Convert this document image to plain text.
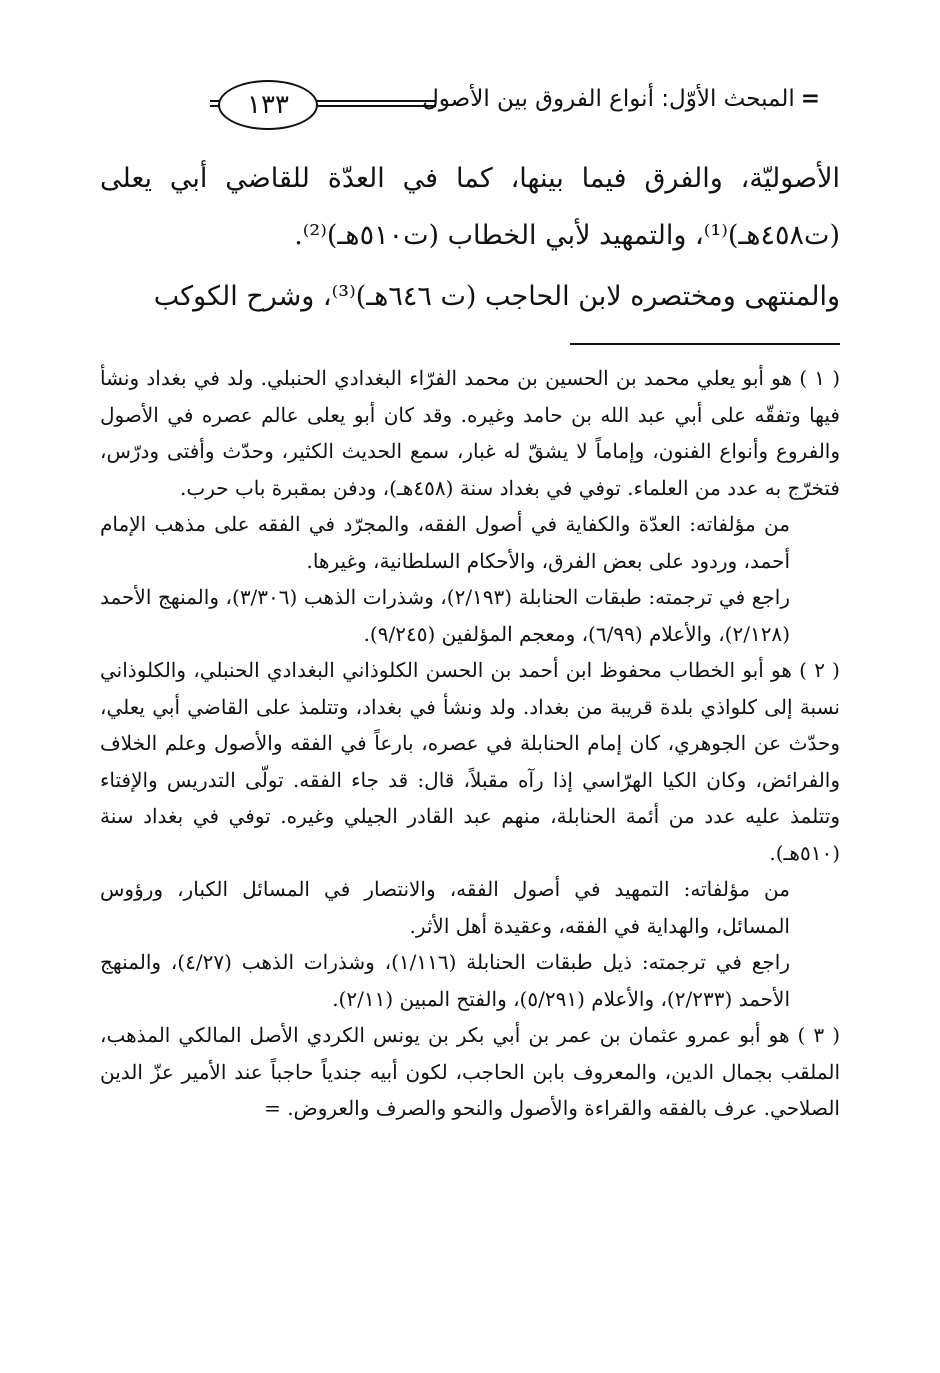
١٣٣	=المبحث الأوّل: أنواع الفروق بين الأصول

الأصوليّة، والفرق فيما بينها، كما في العدّة للقاضي أبي يعلى (ت٤٥٨هـ)⁽¹⁾، والتمهيد لأبي الخطاب (ت٥١٠هـ)⁽²⁾.

والمنتهى ومختصره لابن الحاجب (ت ٦٤٦هـ)⁽³⁾، وشرح الكوكب

( ١ ) هو أبو يعلي محمد بن الحسين بن محمد الفرّاء البغدادي الحنبلي. ولد في بغداد ونشأ فيها وتفقّه على أبي عبد الله بن حامد وغيره. وقد كان أبو يعلى عالم عصره في الأصول والفروع وأنواع الفنون، وإماماً لا يشقّ له غبار، سمع الحديث الكثير، وحدّث وأفتى ودرّس، فتخرّج به عدد من العلماء. توفي في بغداد سنة (٤٥٨هـ)، ودفن بمقبرة باب حرب.
من مؤلفاته: العدّة والكفاية في أصول الفقه، والمجرّد في الفقه على مذهب الإمام أحمد، وردود على بعض الفرق، والأحكام السلطانية، وغيرها.
راجع في ترجمته: طبقات الحنابلة (٢/١٩٣)، وشذرات الذهب (٣/٣٠٦)، والمنهج الأحمد (٢/١٢٨)، والأعلام (٦/٩٩)، ومعجم المؤلفين (٩/٢٤٥).
( ٢ ) هو أبو الخطاب محفوظ ابن أحمد بن الحسن الكلوذاني البغدادي الحنبلي، والكلوذاني نسبة إلى كلواذي بلدة قريبة من بغداد. ولد ونشأ في بغداد، وتتلمذ على القاضي أبي يعلي، وحدّث عن الجوهري، كان إمام الحنابلة في عصره، بارعاً في الفقه والأصول وعلم الخلاف والفرائض، وكان الكيا الهرّاسي إذا رآه مقبلاً، قال: قد جاء الفقه. تولّى التدريس والإفتاء وتتلمذ عليه عدد من أئمة الحنابلة، منهم عبد القادر الجيلي وغيره. توفي في بغداد سنة (٥١٠هـ).
من مؤلفاته: التمهيد في أصول الفقه، والانتصار في المسائل الكبار، ورؤوس المسائل، والهداية في الفقه، وعقيدة أهل الأثر.
راجع في ترجمته: ذيل طبقات الحنابلة (١/١١٦)، وشذرات الذهب (٤/٢٧)، والمنهج الأحمد (٢/٢٣٣)، والأعلام (٥/٢٩١)، والفتح المبين (٢/١١).
( ٣ ) هو أبو عمرو عثمان بن عمر بن أبي بكر بن يونس الكردي الأصل المالكي المذهب، الملقب بجمال الدين، والمعروف بابن الحاجب، لكون أبيه جندياً حاجباً عند الأمير عزّ الدين الصلاحي. عرف بالفقه والقراءة والأصول والنحو والصرف والعروض. =
